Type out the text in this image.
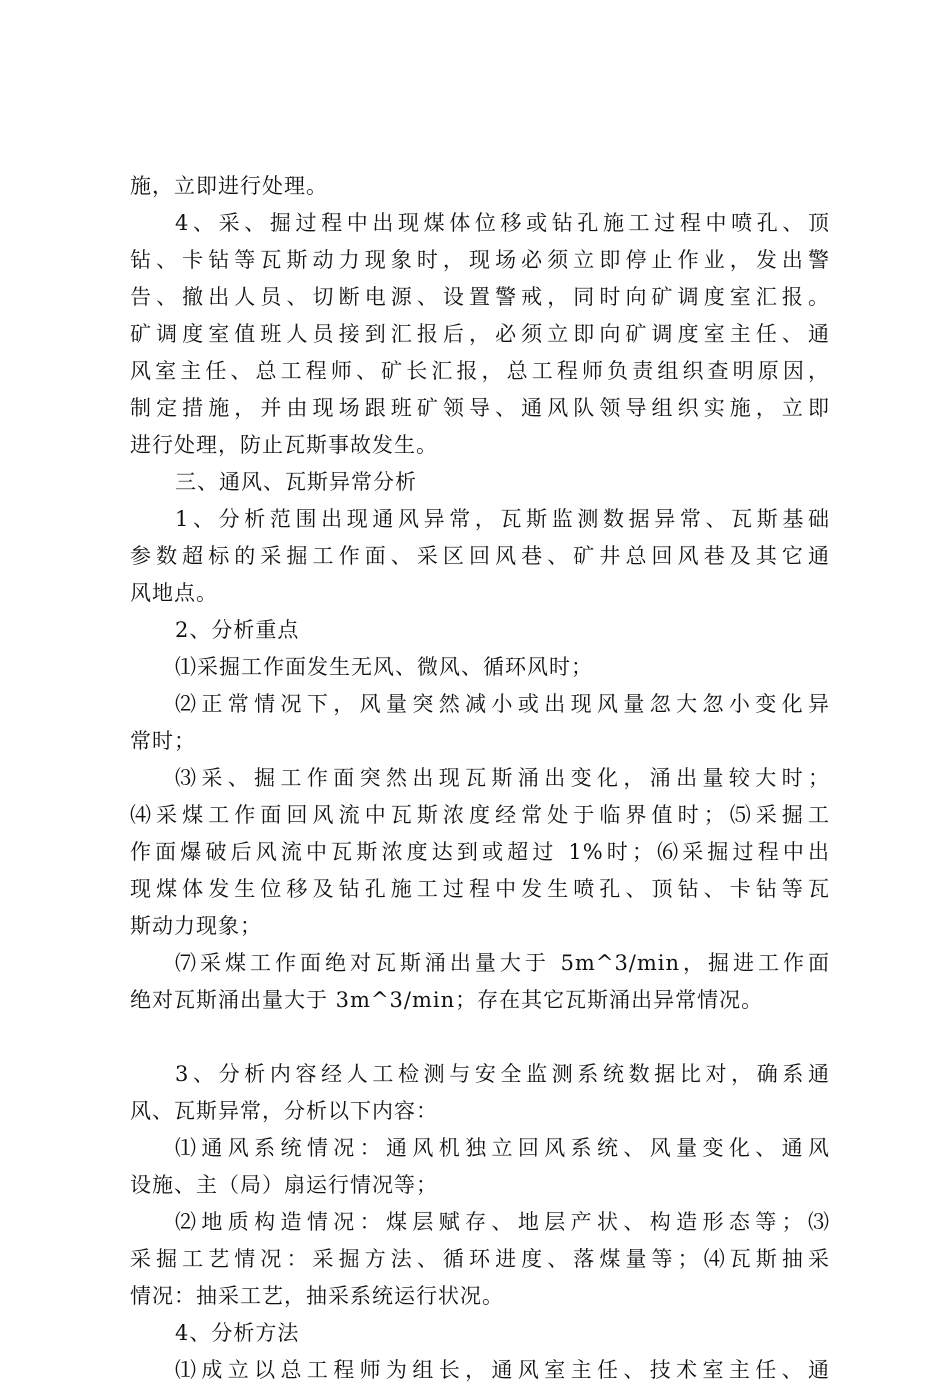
施，立即进行处理。
4、采、掘过程中出现煤体位移或钻孔施工过程中喷孔、顶
钻、卡钻等瓦斯动力现象时，现场必须立即停止作业，发出警
告、撤出人员、切断电源、设置警戒，同时向矿调度室汇报。
矿调度室值班人员接到汇报后，必须立即向矿调度室主任、通
风室主任、总工程师、矿长汇报，总工程师负责组织查明原因，
制定措施，并由现场跟班矿领导、通风队领导组织实施，立即
进行处理，防止瓦斯事故发生。
三、通风、瓦斯异常分析
1、分析范围出现通风异常，瓦斯监测数据异常、瓦斯基础
参数超标的采掘工作面、采区回风巷、矿井总回风巷及其它通
风地点。
2、分析重点
⑴采掘工作面发生无风、微风、循环风时；
⑵正常情况下，风量突然减小或出现风量忽大忽小变化异
常时；
⑶采、掘工作面突然出现瓦斯涌出变化，涌出量较大时；
⑷采煤工作面回风流中瓦斯浓度经常处于临界值时；⑸采掘工
作面爆破后风流中瓦斯浓度达到或超过 1%时；⑹采掘过程中出
现煤体发生位移及钻孔施工过程中发生喷孔、顶钻、卡钻等瓦
斯动力现象；
⑺采煤工作面绝对瓦斯涌出量大于 5m^3/min，掘进工作面
绝对瓦斯涌出量大于 3m^3/min；存在其它瓦斯涌出异常情况。
3、分析内容经人工检测与安全监测系统数据比对，确系通
风、瓦斯异常，分析以下内容：
⑴通风系统情况：通风机独立回风系统、风量变化、通风
设施、主（局）扇运行情况等；
⑵地质构造情况：煤层赋存、地层产状、构造形态等；⑶
采掘工艺情况：采掘方法、循环进度、落煤量等；⑷瓦斯抽采
情况：抽采工艺，抽采系统运行状况。
4、分析方法
⑴成立以总工程师为组长，通风室主任、技术室主任、通
